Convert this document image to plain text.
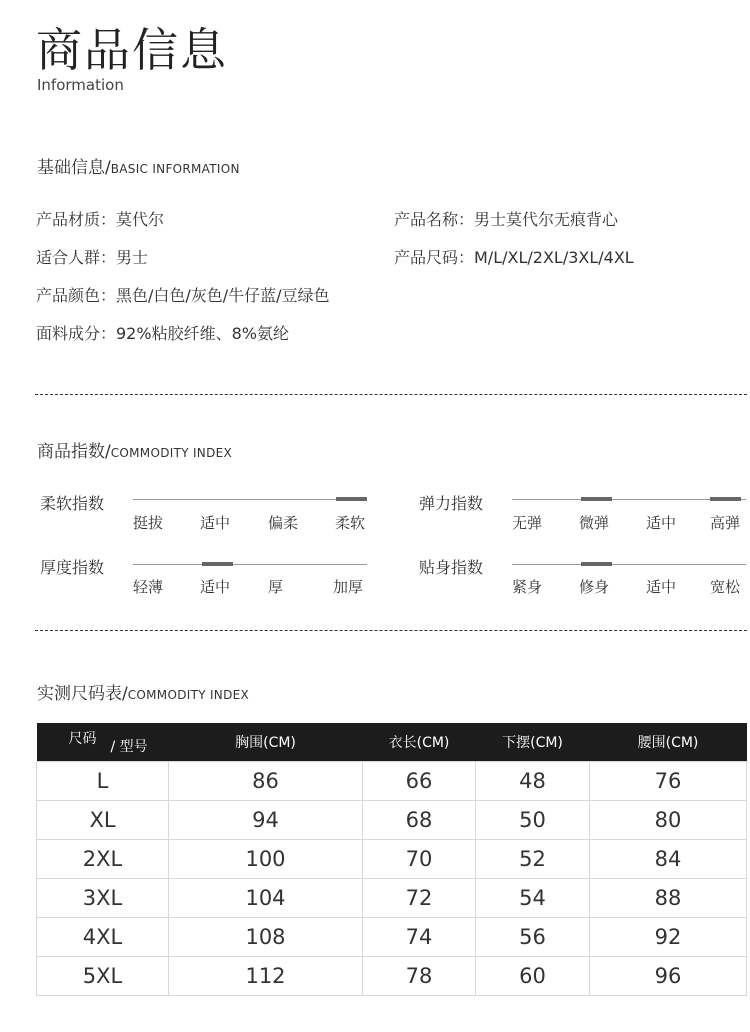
商品信息
Information
基础信息/BASIC INFORMATION
产品材质：莫代尔	产品名称：男士莫代尔无痕背心
适合人群：男士	产品尺码：M/L/XL/2XL/3XL/4XL
产品颜色：黑色/白色/灰色/牛仔蓝/豆绿色
面料成分：92%粘胶纤维、8%氨纶
商品指数/COMMODITY INDEX
柔软指数
挺拔 适中	偏柔 柔软
弹力指数
无弹 微弹 适中 高弹
厚度指数
轻薄 适中	厚	加厚
贴身指数
紧身 修身 适中 宽松
实测尺码表/COMMODITY INDEX
尺码 / 型号	胸围(CM)	衣长(CM)	下摆(CM)	腰围(CM)
L	86	66	48	76
XL	94	68	50	80
2XL	100	70	52	84
3XL	104	72	54	88
4XL	108	74	56	92
5XL	112	78	60	96
